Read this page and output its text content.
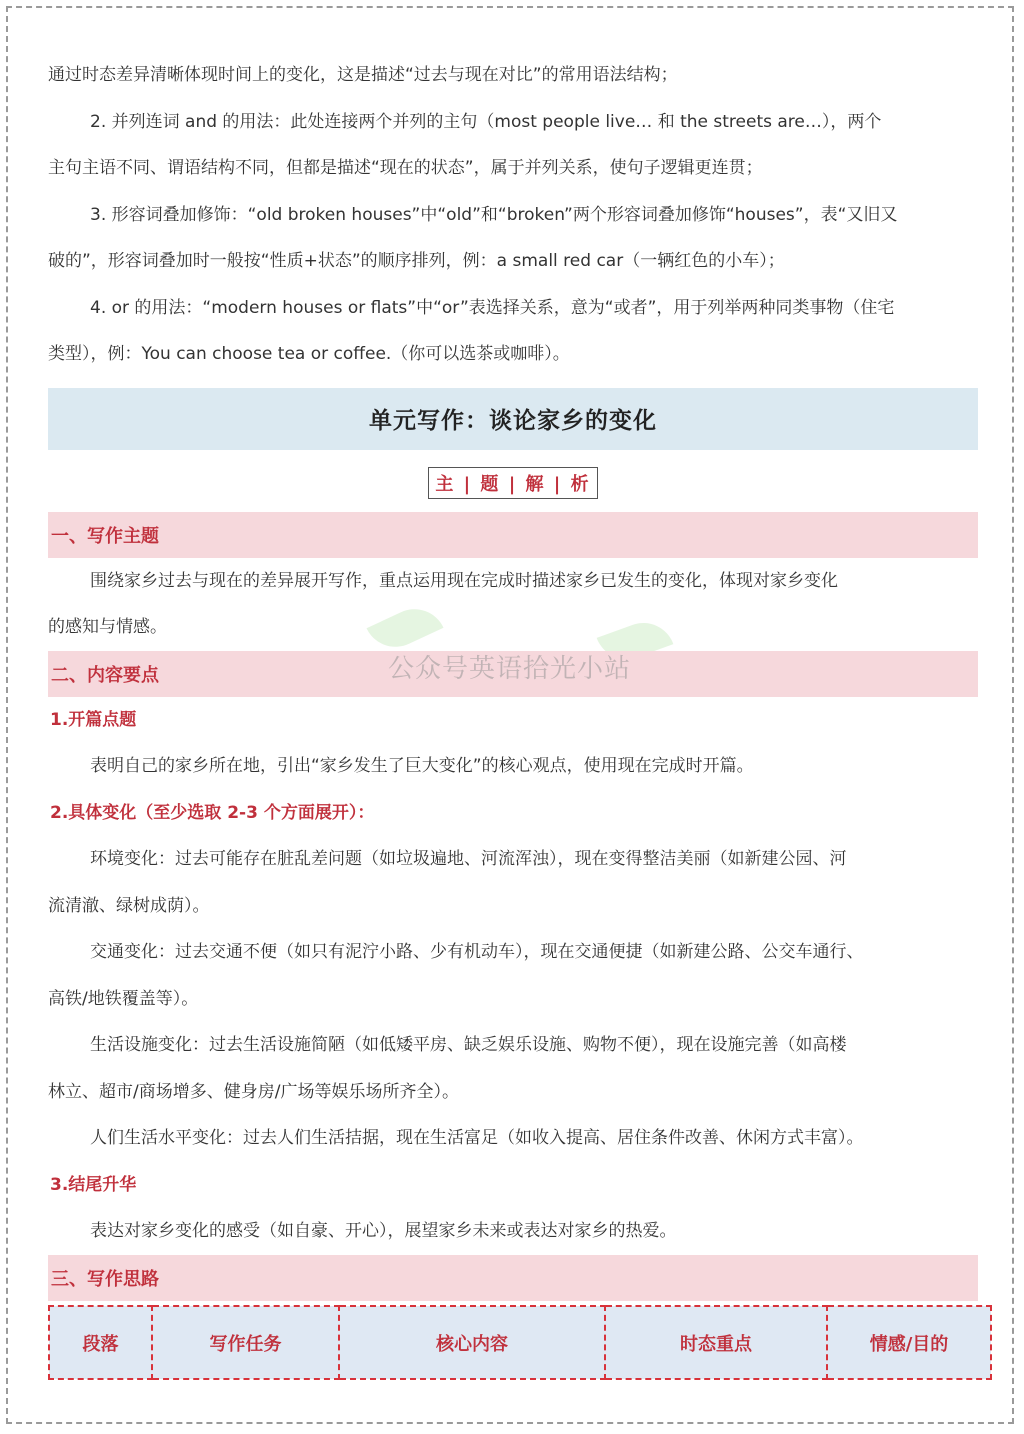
通过时态差异清晰体现时间上的变化，这是描述“过去与现在对比”的常用语法结构；

2. 并列连词 and 的用法：此处连接两个并列的主句（most people live… 和 the streets are…），两个

主句主语不同、谓语结构不同，但都是描述“现在的状态”，属于并列关系，使句子逻辑更连贯；

3. 形容词叠加修饰：“old broken houses”中“old”和“broken”两个形容词叠加修饰“houses”，表“又旧又

破的”，形容词叠加时一般按“性质+状态”的顺序排列，例：a small red car（一辆红色的小车）；

4. or 的用法：“modern houses or flats”中“or”表选择关系，意为“或者”，用于列举两种同类事物（住宅

类型），例：You can choose tea or coffee.（你可以选茶或咖啡）。

单元写作：谈论家乡的变化
主 | 题 | 解 | 析
一、写作主题

围绕家乡过去与现在的差异展开写作，重点运用现在完成时描述家乡已发生的变化，体现对家乡变化

的感知与情感。

二、内容要点

1.开篇点题

表明自己的家乡所在地，引出“家乡发生了巨大变化”的核心观点，使用现在完成时开篇。

2.具体变化（至少选取 2-3 个方面展开）：

环境变化：过去可能存在脏乱差问题（如垃圾遍地、河流浑浊），现在变得整洁美丽（如新建公园、河

流清澈、绿树成荫）。

交通变化：过去交通不便（如只有泥泞小路、少有机动车），现在交通便捷（如新建公路、公交车通行、

高铁/地铁覆盖等）。

生活设施变化：过去生活设施简陋（如低矮平房、缺乏娱乐设施、购物不便），现在设施完善（如高楼

林立、超市/商场增多、健身房/广场等娱乐场所齐全）。

人们生活水平变化：过去人们生活拮据，现在生活富足（如收入提高、居住条件改善、休闲方式丰富）。

3.结尾升华

表达对家乡变化的感受（如自豪、开心），展望家乡未来或表达对家乡的热爱。

三、写作思路
公众号英语拾光小站
段落	写作任务	核心内容	时态重点	情感/目的
